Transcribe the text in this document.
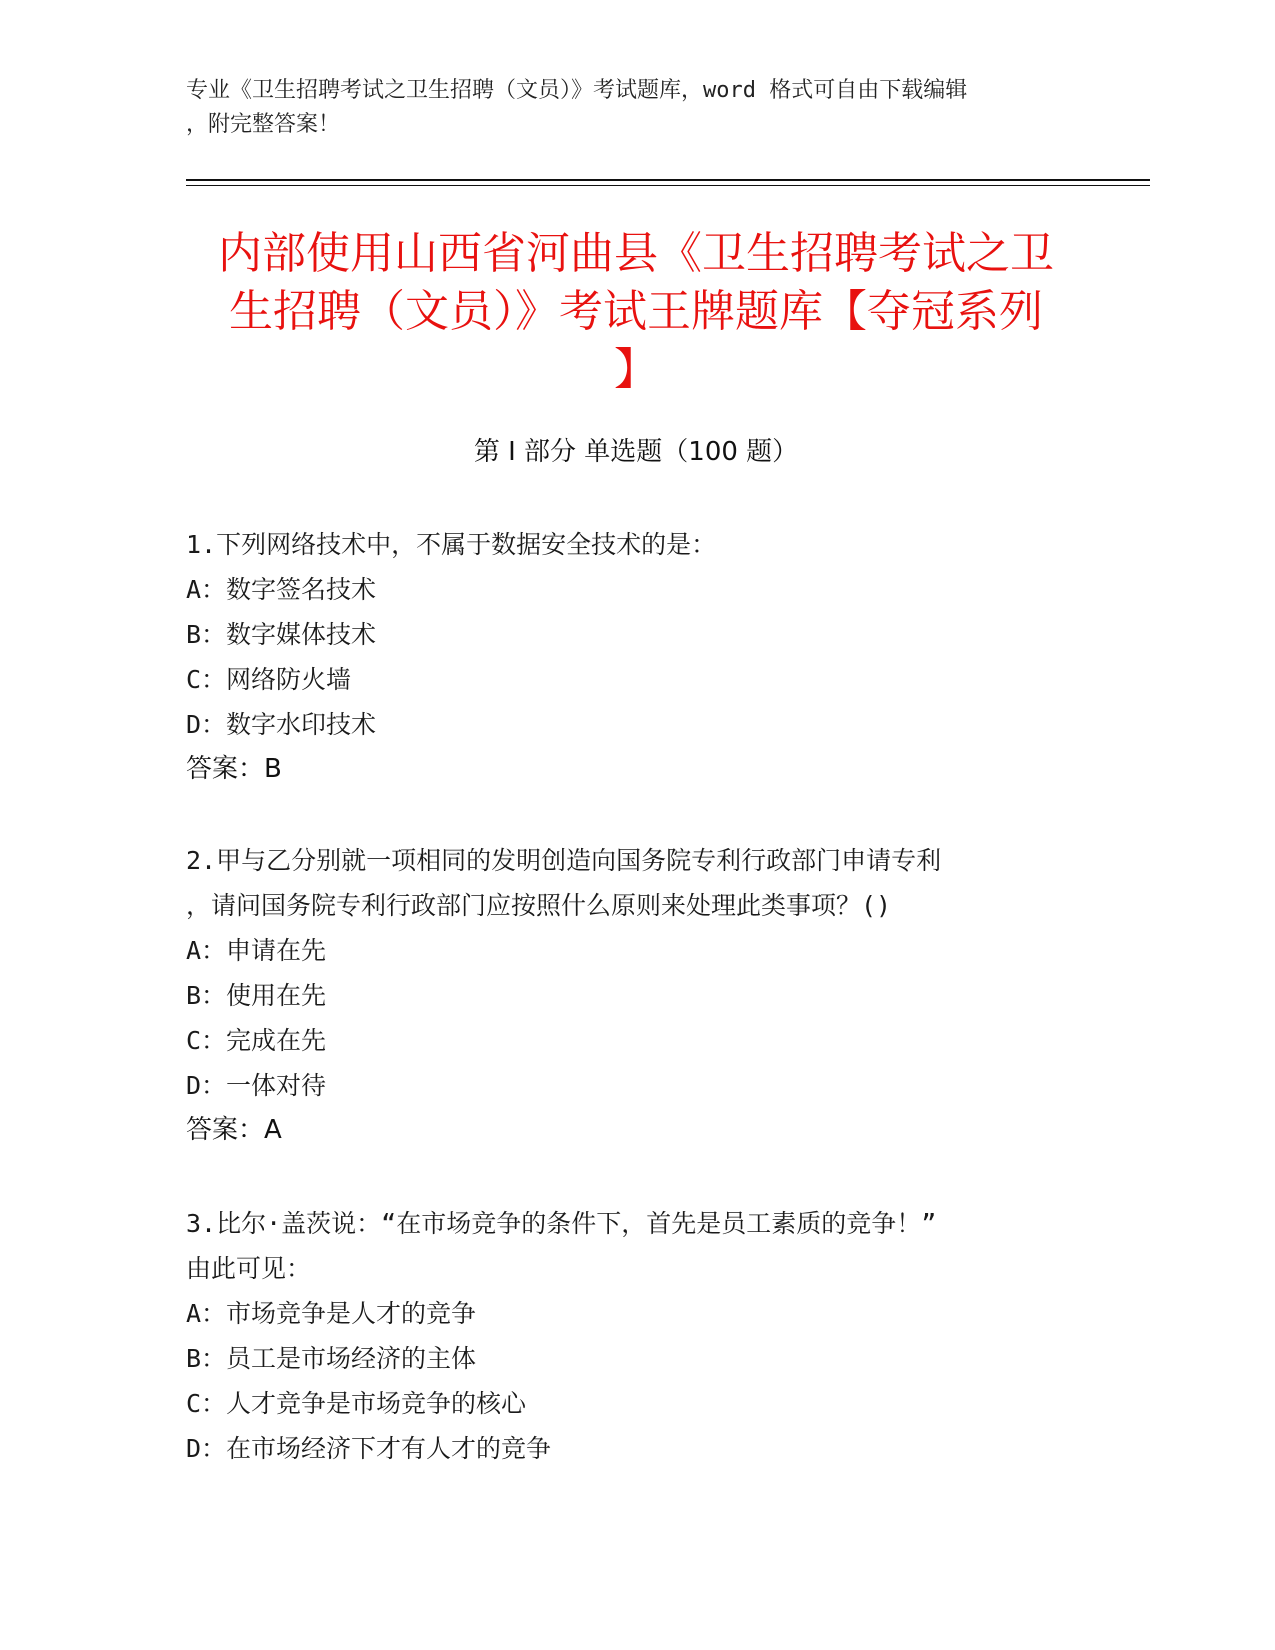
专业《卫生招聘考试之卫生招聘（文员）》考试题库，word 格式可自由下载编辑
，附完整答案！
内部使用山西省河曲县《卫生招聘考试之卫
生招聘（文员）》考试王牌题库【夺冠系列
】
第 I 部分 单选题（100 题）
1.下列网络技术中，不属于数据安全技术的是：
A：数字签名技术
B：数字媒体技术
C：网络防火墙
D：数字水印技术
答案：B
2.甲与乙分别就一项相同的发明创造向国务院专利行政部门申请专利
，请问国务院专利行政部门应按照什么原则来处理此类事项？()
A：申请在先
B：使用在先
C：完成在先
D：一体对待
答案：A
3.比尔·盖茨说：“在市场竞争的条件下，首先是员工素质的竞争！”
由此可见：
A：市场竞争是人才的竞争
B：员工是市场经济的主体
C：人才竞争是市场竞争的核心
D：在市场经济下才有人才的竞争
